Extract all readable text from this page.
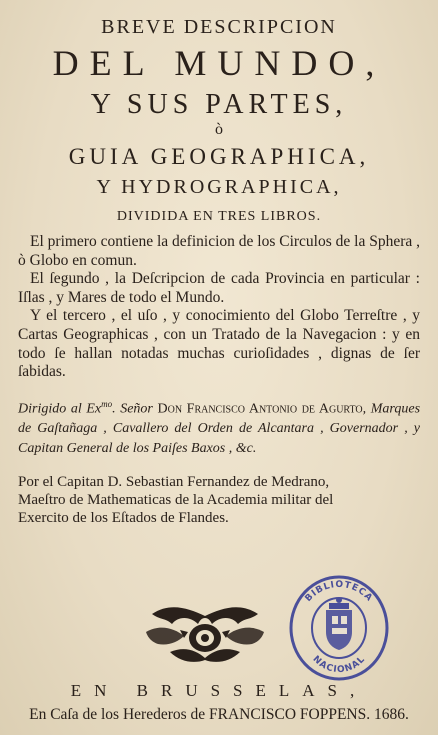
BREVE DESCRIPCION
DEL MUNDO,
Y SUS PARTES,
ò
GUIA GEOGRAPHICA,
Y HYDROGRAPHICA,
DIVIDIDA EN TRES LIBROS.

El primero contiene la definicion de los Circulos de la Sphera , ò Globo en comun.

El ſegundo , la Deſcripcion de cada Provincia en particular : Iſlas , y Mares de todo el Mundo.

Y el tercero , el uſo , y conocimiento del Globo Terreſtre , y Cartas Geographicas , con un Tratado de la Navegacion : y en todo ſe hallan notadas muchas curioſidades , dignas de ſer ſabidas.

Dirigido al $Ex^{mo}$. Señor Don Francisco Antonio de Agurto, Marques de Gaſtañaga , Cavallero del Orden de Alcantara , Governador , y Capitan General de los Paiſes Baxos , &c.

Por el Capitan D. Sebastian Fernandez de Medrano,

Maeſtro de Mathematicas de la Academia militar del

Exercito de los Eſtados de Flandes.

BIBLIOTECA
NACIONAL
EN BRUSSELAS,
En Caſa de los Herederos de FRANCISCO FOPPENS. 1686.
